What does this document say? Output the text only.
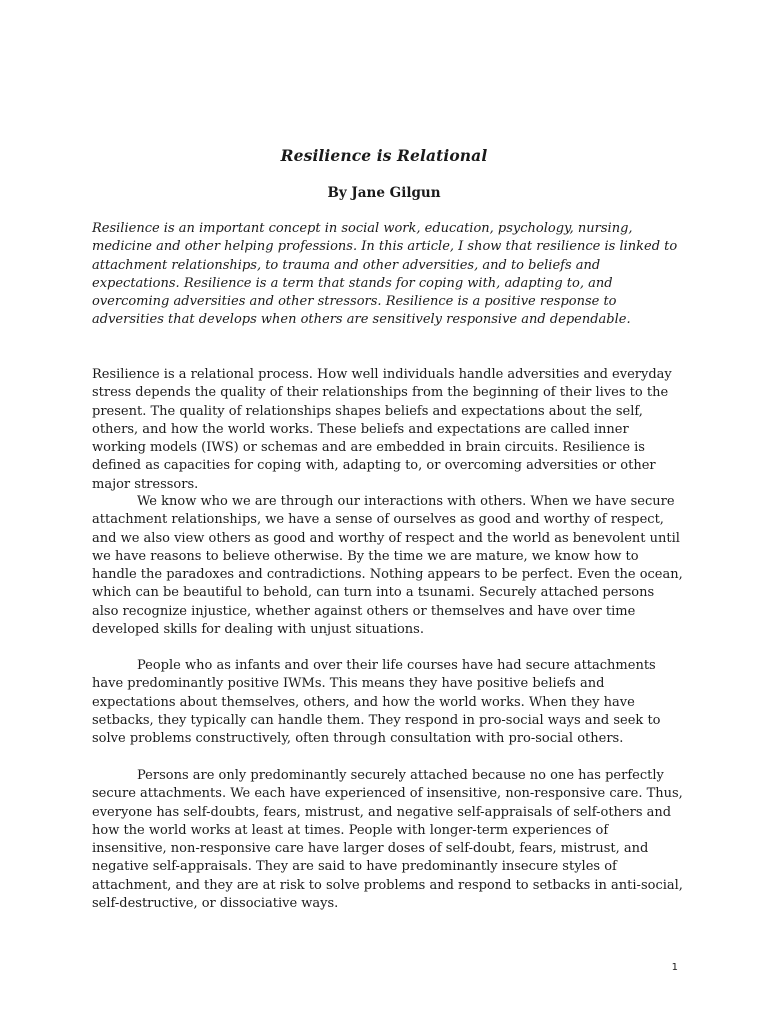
Resilience is Relational
By Jane Gilgun

Resilience is an important concept in social work, education, psychology, nursing, medicine and other helping professions. In this article, I show that resilience is linked to attachment relationships, to trauma and other adversities, and to beliefs and expectations. Resilience is a term that stands for coping with, adapting to, and overcoming adversities and other stressors. Resilience is a positive response to adversities that develops when others are sensitively responsive and dependable.

Resilience is a relational process. How well individuals handle adversities and everyday stress depends the quality of their relationships from the beginning of their lives to the present. The quality of relationships shapes beliefs and expectations about the self, others, and how the world works. These beliefs and expectations are called inner working models (IWS) or schemas and are embedded in brain circuits. Resilience is defined as capacities for coping with, adapting to, or overcoming adversities or other major stressors.

We know who we are through our interactions with others. When we have secure attachment relationships, we have a sense of ourselves as good and worthy of respect, and we also view others as good and worthy of respect and the world as benevolent until we have reasons to believe otherwise. By the time we are mature, we know how to handle the paradoxes and contradictions. Nothing appears to be perfect. Even the ocean, which can be beautiful to behold, can turn into a tsunami. Securely attached persons also recognize injustice, whether against others or themselves and have over time developed skills for dealing with unjust situations.

People who as infants and over their life courses have had secure attachments have predominantly positive IWMs. This means they have positive beliefs and expectations about themselves, others, and how the world works. When they have setbacks, they typically can handle them. They respond in pro-social ways and seek to solve problems constructively, often through consultation with pro-social others.

Persons are only predominantly securely attached because no one has perfectly secure attachments. We each have experienced of insensitive, non-responsive care. Thus, everyone has self-doubts, fears, mistrust, and negative self-appraisals of self-others and how the world works at least at times. People with longer-term experiences of insensitive, non-responsive care have larger doses of self-doubt, fears, mistrust, and negative self-appraisals. They are said to have predominantly insecure styles of attachment, and they are at risk to solve problems and respond to setbacks in anti-social, self-destructive, or dissociative ways.

1
